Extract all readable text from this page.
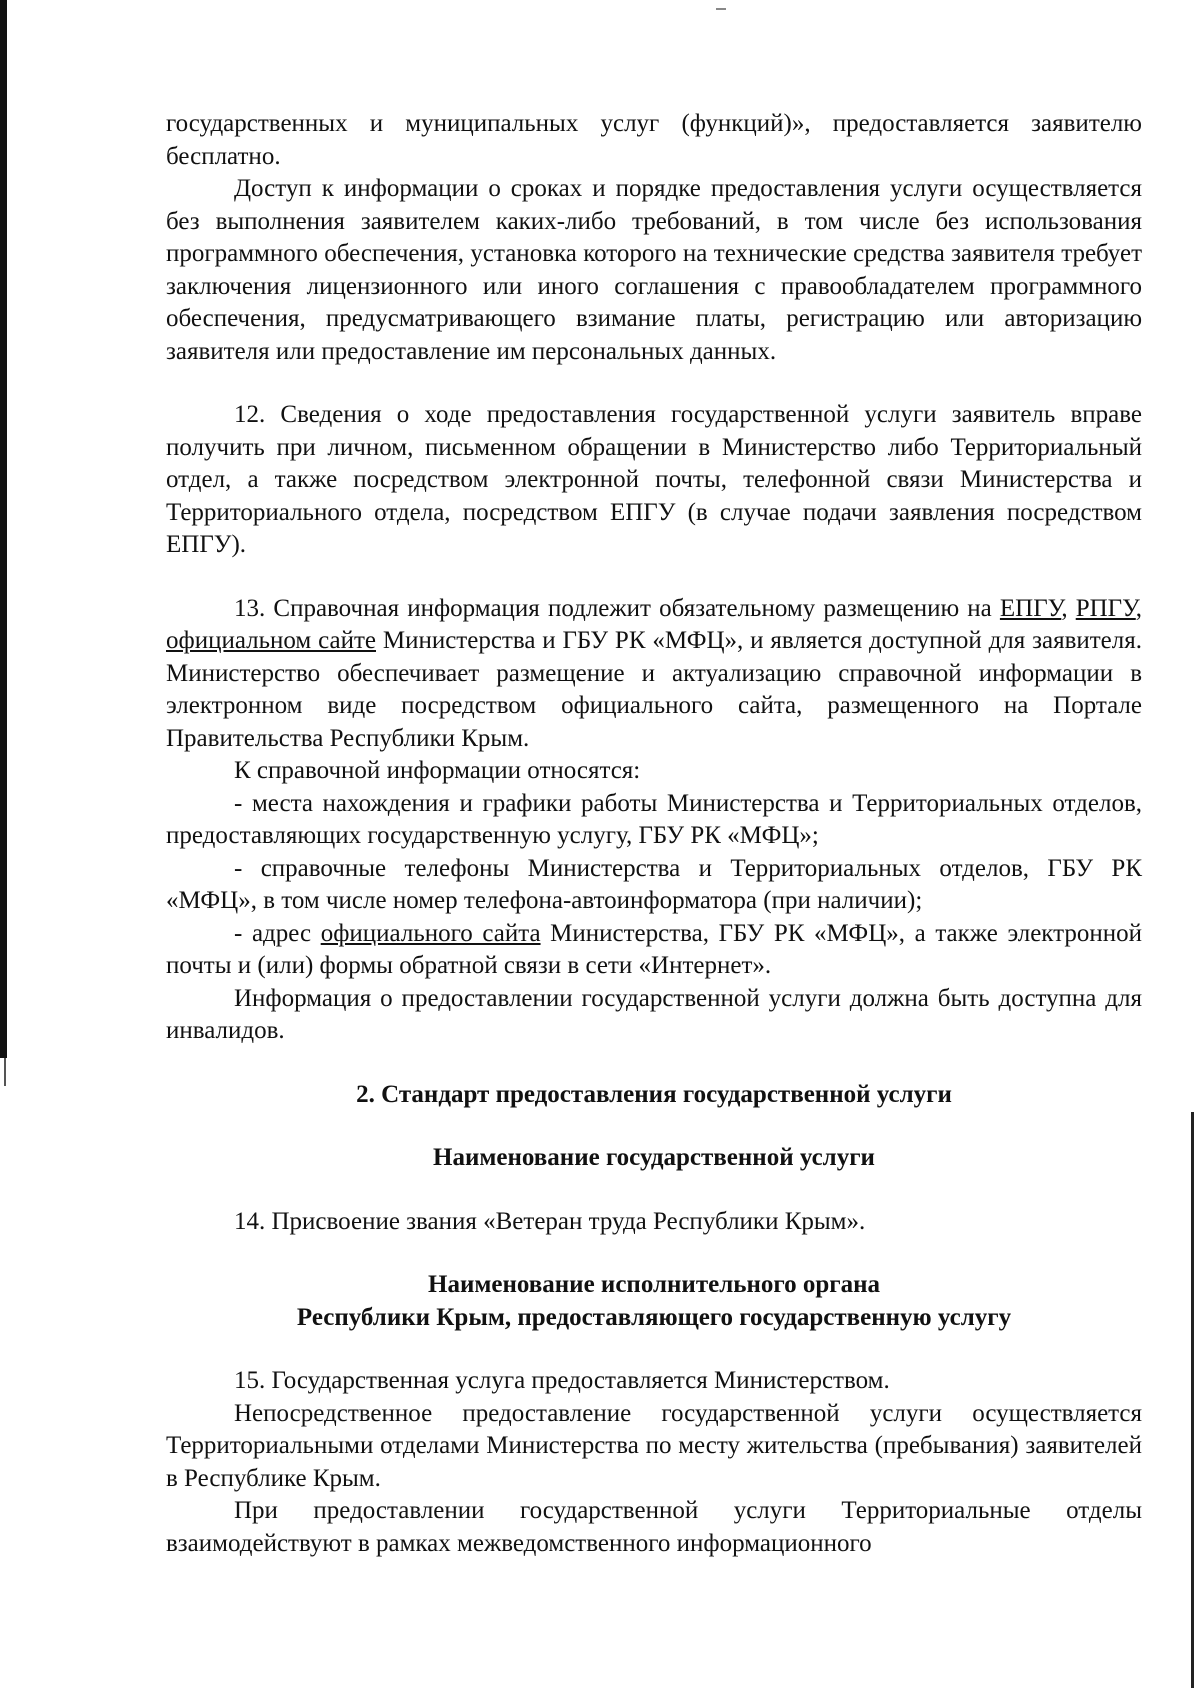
государственных и муниципальных услуг (функций)», предоставляется заявителю бесплатно.

Доступ к информации о сроках и порядке предоставления услуги осуществляется без выполнения заявителем каких-либо требований, в том числе без использования программного обеспечения, установка которого на технические средства заявителя требует заключения лицензионного или иного соглашения с правообладателем программного обеспечения, предусматривающего взимание платы, регистрацию или авторизацию заявителя или предоставление им персональных данных.

12. Сведения о ходе предоставления государственной услуги заявитель вправе получить при личном, письменном обращении в Министерство либо Территориальный отдел, а также посредством электронной почты, телефонной связи Министерства и Территориального отдела, посредством ЕПГУ (в случае подачи заявления посредством ЕПГУ).

13. Справочная информация подлежит обязательному размещению на ЕПГУ, РПГУ, официальном сайте Министерства и ГБУ РК «МФЦ», и является доступной для заявителя. Министерство обеспечивает размещение и актуализацию справочной информации в электронном виде посредством официального сайта, размещенного на Портале Правительства Республики Крым.

К справочной информации относятся:

- места нахождения и графики работы Министерства и Территориальных отделов, предоставляющих государственную услугу, ГБУ РК «МФЦ»;

- справочные телефоны Министерства и Территориальных отделов, ГБУ РК «МФЦ», в том числе номер телефона-автоинформатора (при наличии);

- адрес официального сайта Министерства, ГБУ РК «МФЦ», а также электронной почты и (или) формы обратной связи в сети «Интернет».

Информация о предоставлении государственной услуги должна быть доступна для инвалидов.

2. Стандарт предоставления государственной услуги

Наименование государственной услуги

14. Присвоение звания «Ветеран труда Республики Крым».

Наименование исполнительного органа

Республики Крым, предоставляющего государственную услугу

15. Государственная услуга предоставляется Министерством.

Непосредственное предоставление государственной услуги осуществляется Территориальными отделами Министерства по месту жительства (пребывания) заявителей в Республике Крым.

При предоставлении государственной услуги Территориальные отделы взаимодействуют в рамках межведомственного информационного
